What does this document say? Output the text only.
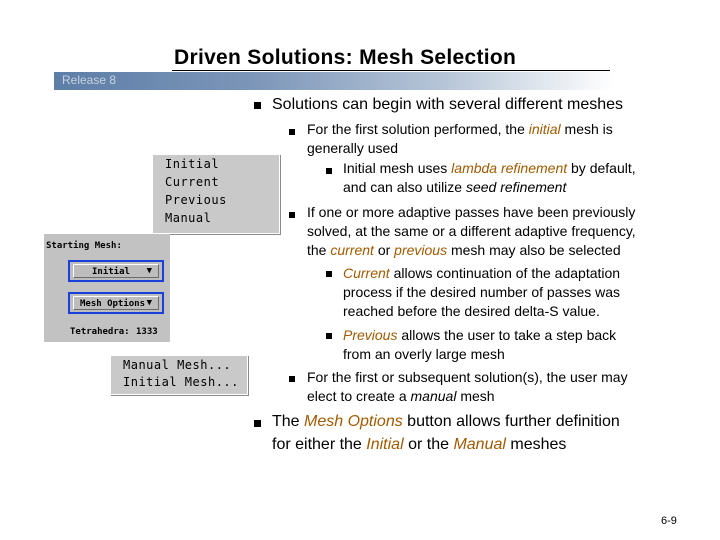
Driven Solutions: Mesh Selection
Release 8
Solutions can begin with several different meshes
For the first solution performed, the initial mesh is
generally used
Initial mesh uses lambda refinement by default,
and can also utilize seed refinement
If one or more adaptive passes have been previously
solved, at the same or a different adaptive frequency,
the current or previous mesh may also be selected
Current allows continuation of the adaptation
process if the desired number of passes was
reached before the desired delta-S value.
Previous allows the user to take a step back
from an overly large mesh
For the first or subsequent solution(s), the user may
elect to create a manual mesh
The Mesh Options button allows further definition
for either the Initial or the Manual meshes
Initial
Current
Previous
Manual
Starting Mesh:
Initial ▼
Mesh Options ▼
Tetrahedra: 1333
Manual Mesh...
Initial Mesh...
6-9
